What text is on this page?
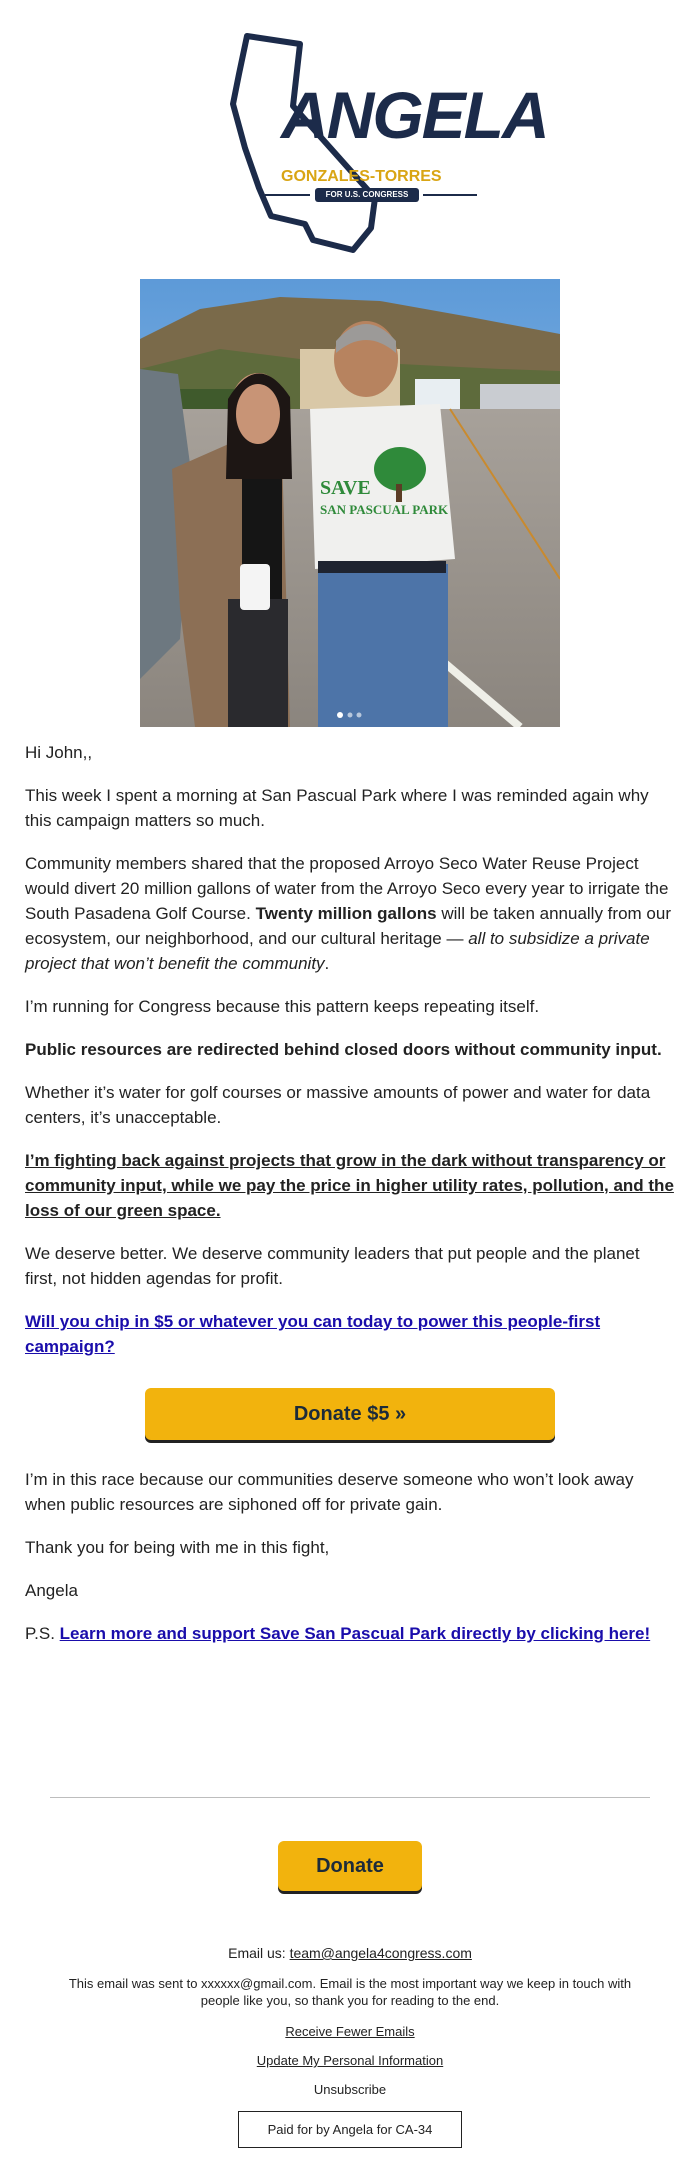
ANGELA
GONZALES-TORRES
FOR U.S. CONGRESS
SAVE
SAN PASCUAL PARK

Hi John,,

This week I spent a morning at San Pascual Park where I was reminded again why this campaign matters so much.

Community members shared that the proposed Arroyo Seco Water Reuse Project would divert 20 million gallons of water from the Arroyo Seco every year to irrigate the South Pasadena Golf Course. Twenty million gallons will be taken annually from our ecosystem, our neighborhood, and our cultural heritage — all to subsidize a private project that won’t benefit the community.

I’m running for Congress because this pattern keeps repeating itself.

Public resources are redirected behind closed doors without community input.

Whether it’s water for golf courses or massive amounts of power and water for data centers, it’s unacceptable.

I’m fighting back against projects that grow in the dark without transparency or community input, while we pay the price in higher utility rates, pollution, and the loss of our green space.

We deserve better. We deserve community leaders that put people and the planet first, not hidden agendas for profit.

Will you chip in $5 or whatever you can today to power this people-first campaign?

Donate $5 »

I’m in this race because our communities deserve someone who won’t look away when public resources are siphoned off for private gain.

Thank you for being with me in this fight,

Angela

P.S. Learn more and support Save San Pascual Park directly by clicking here!

Donate

Email us: team@angela4congress.com

This email was sent to xxxxxx@gmail.com. Email is the most important way we keep in touch with people like you, so thank you for reading to the end.

Receive Fewer Emails

Update My Personal Information

Unsubscribe

Paid for by Angela for CA-34
